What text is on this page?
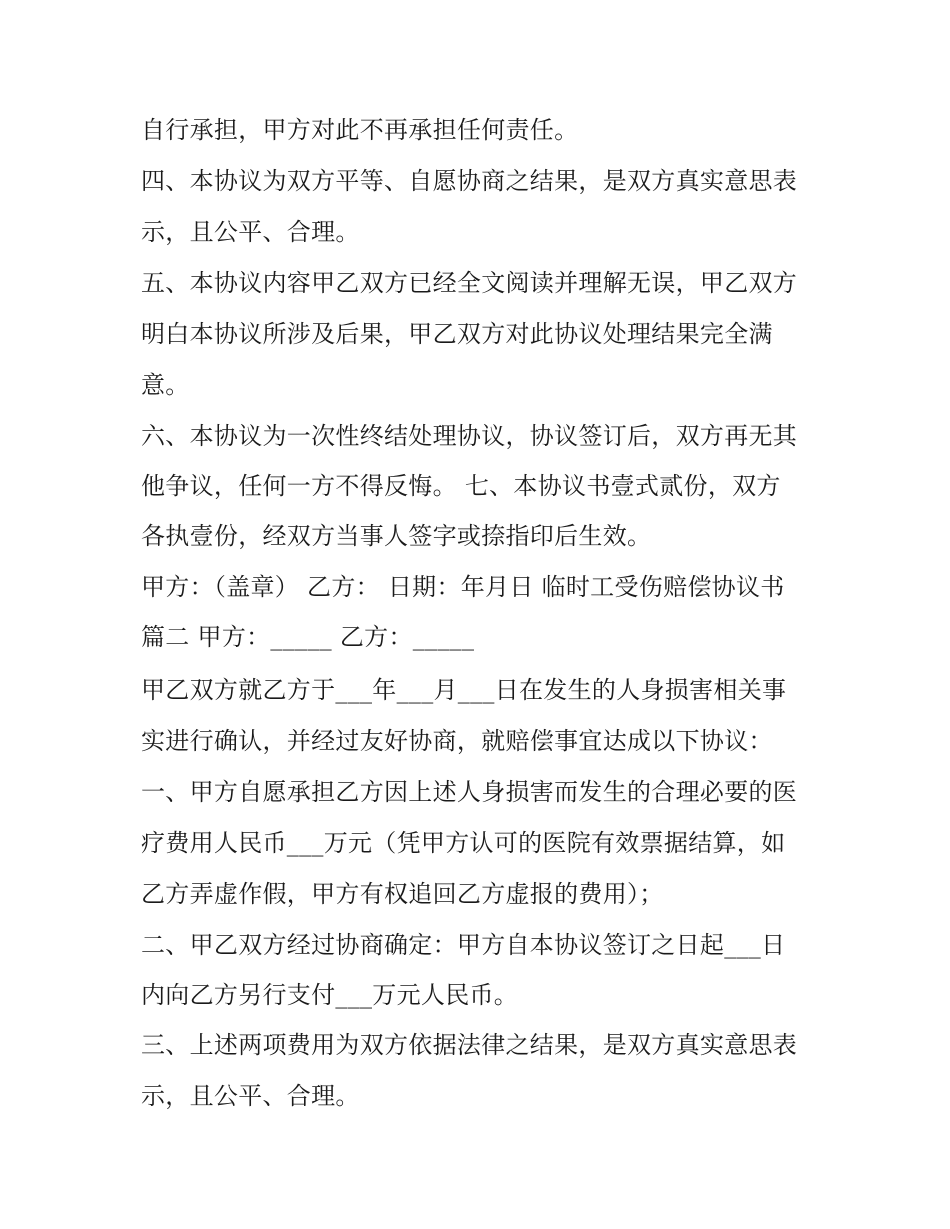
自行承担，甲方对此不再承担任何责任。
四、本协议为双方平等、自愿协商之结果，是双方真实意思表
示，且公平、合理。
五、本协议内容甲乙双方已经全文阅读并理解无误，甲乙双方
明白本协议所涉及后果，甲乙双方对此协议处理结果完全满
意。
六、本协议为一次性终结处理协议，协议签订后，双方再无其
他争议，任何一方不得反悔。 七、本协议书壹式贰份，双方
各执壹份，经双方当事人签字或捺指印后生效。
甲方：（盖章） 乙方： 日期：年月日 临时工受伤赔偿协议书
篇二 甲方：_____ 乙方：_____
甲乙双方就乙方于___年___月___日在发生的人身损害相关事
实进行确认，并经过友好协商，就赔偿事宜达成以下协议：
一、甲方自愿承担乙方因上述人身损害而发生的合理必要的医
疗费用人民币___万元（凭甲方认可的医院有效票据结算，如
乙方弄虚作假，甲方有权追回乙方虚报的费用）；
二、甲乙双方经过协商确定：甲方自本协议签订之日起___日
内向乙方另行支付___万元人民币。
三、上述两项费用为双方依据法律之结果，是双方真实意思表
示，且公平、合理。
